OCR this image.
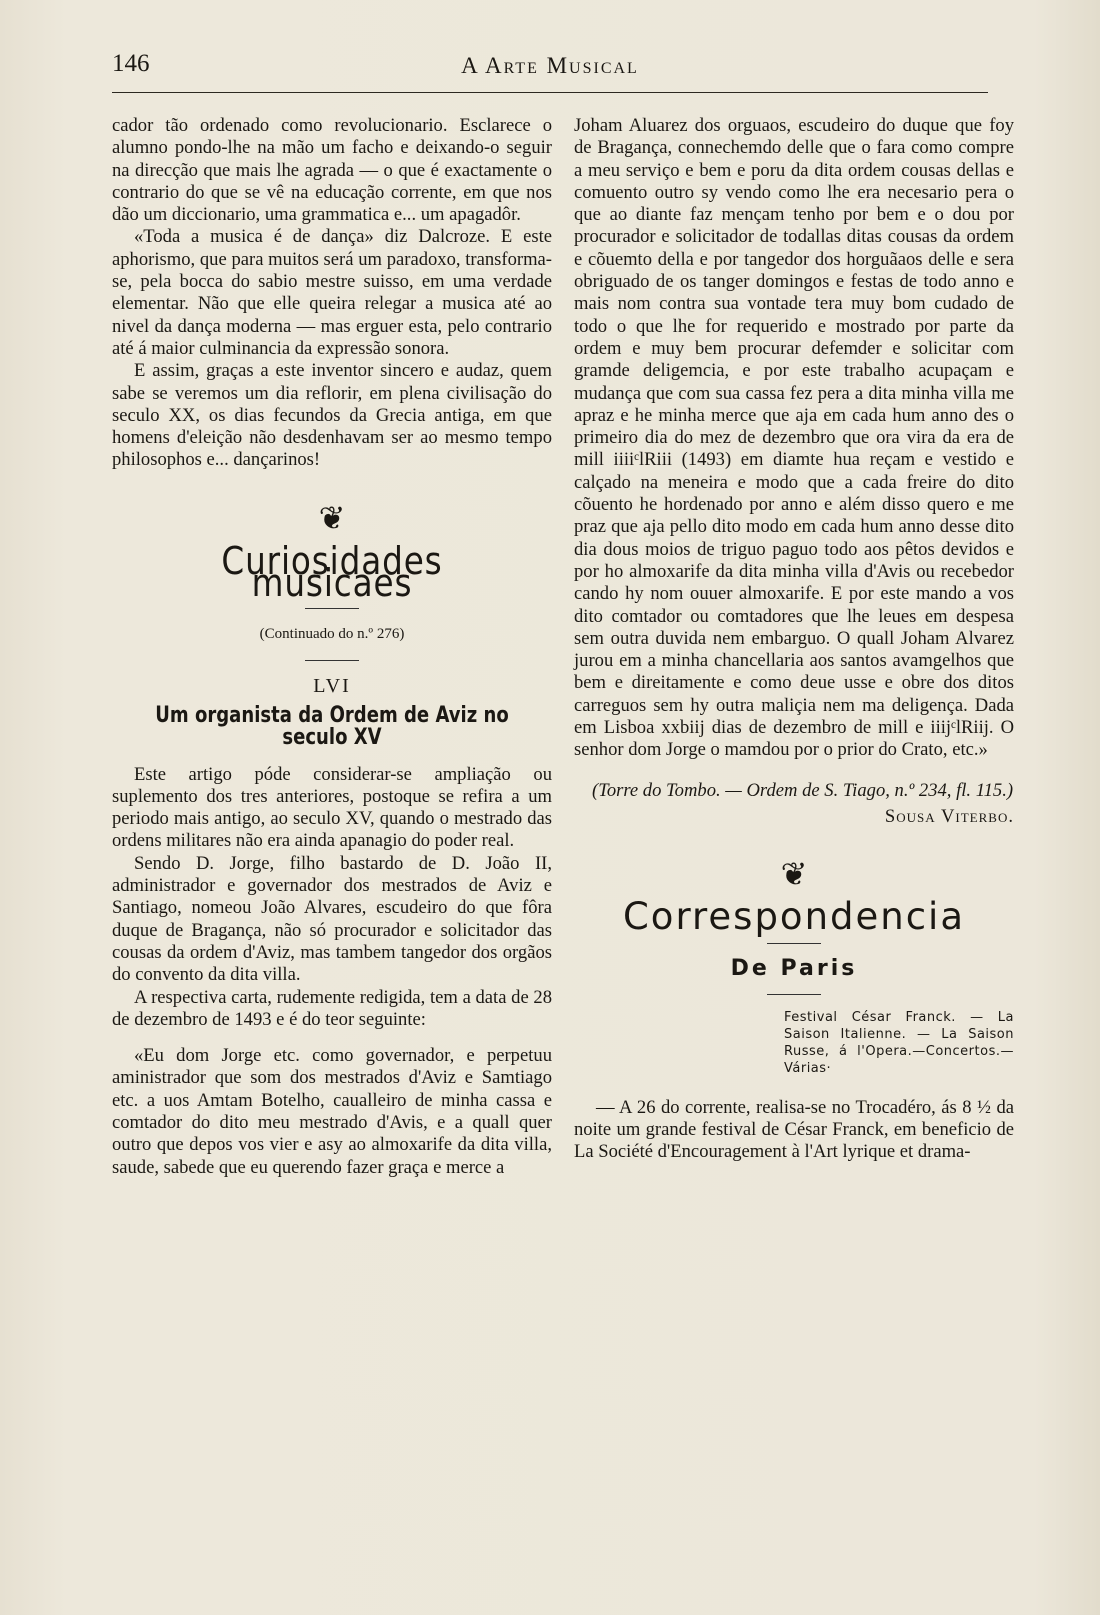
146	A Arte Musical

cador tão ordenado como revolucionario. Esclarece o alumno pondo-lhe na mão um facho e deixando-o seguir na direcção que mais lhe agrada — o que é exactamente o contrario do que se vê na educação corrente, em que nos dão um diccionario, uma grammatica e... um apagadôr.

«Toda a musica é de dança» diz Dalcroze. E este aphorismo, que para muitos será um paradoxo, transforma-se, pela bocca do sabio mestre suisso, em uma verdade elementar. Não que elle queira relegar a musica até ao nivel da dança moderna — mas erguer esta, pelo contrario até á maior culminancia da expressão sonora.

E assim, graças a este inventor sincero e audaz, quem sabe se veremos um dia reflorir, em plena civilisação do seculo XX, os dias fecundos da Grecia antiga, em que homens d'eleição não desdenhavam ser ao mesmo tempo philosophos e... dançarinos!

❦
Curiosidades musicaes
(Continuado do n.º 276)
LVI
Um organista da Ordem de Aviz no seculo XV

Este artigo póde considerar-se ampliação ou suplemento dos tres anteriores, postoque se refira a um periodo mais antigo, ao seculo XV, quando o mestrado das ordens militares não era ainda apanagio do poder real.

Sendo D. Jorge, filho bastardo de D. João II, administrador e governador dos mestrados de Aviz e Santiago, nomeou João Alvares, escudeiro do que fôra duque de Bragança, não só procurador e solicitador das cousas da ordem d'Aviz, mas tambem tangedor dos orgãos do convento da dita villa.

A respectiva carta, rudemente redigida, tem a data de 28 de dezembro de 1493 e é do teor seguinte:

«Eu dom Jorge etc. como governador, e perpetuu aministrador que som dos mestrados d'Aviz e Samtiago etc. a uos Amtam Botelho, caualleiro de minha cassa e comtador do dito meu mestrado d'Avis, e a quall quer outro que depos vos vier e asy ao almoxarife da dita villa, saude, sabede que eu querendo fazer graça e merce a

Joham Aluarez dos orguaos, escudeiro do duque que foy de Bragança, connechemdo delle que o fara como compre a meu serviço e bem e poru da dita ordem cousas dellas e comuento outro sy vendo como lhe era necesario pera o que ao diante faz mençam tenho por bem e o dou por procurador e solicitador de todallas ditas cousas da ordem e cõuemto della e por tangedor dos horguãaos delle e sera obriguado de os tanger domingos e festas de todo anno e mais nom contra sua vontade tera muy bom cudado de todo o que lhe for requerido e mostrado por parte da ordem e muy bem procurar defemder e solicitar com gramde deligemcia, e por este trabalho acupaçam e mudança que com sua cassa fez pera a dita minha villa me apraz e he minha merce que aja em cada hum anno des o primeiro dia do mez de dezembro que ora vira da era de mill iiiiᶜlRiii (1493) em diamte hua reçam e vestido e calçado na meneira e modo que a cada freire do dito cõuento he hordenado por anno e além disso quero e me praz que aja pello dito modo em cada hum anno desse dito dia dous moios de triguo paguo todo aos pêtos devidos e por ho almoxarife da dita minha villa d'Avis ou recebedor cando hy nom ouuer almoxarife. E por este mando a vos dito comtador ou comtadores que lhe leues em despesa sem outra duvida nem embarguo. O quall Joham Alvarez jurou em a minha chancellaria aos santos avamgelhos que bem e direitamente e como deue usse e obre dos ditos carreguos sem hy outra maliçia nem ma deligença. Dada em Lisboa xxbiij dias de dezembro de mill e iiijᶜlRiij. O senhor dom Jorge o mamdou por o prior do Crato, etc.»

(Torre do Tombo. — Ordem de S. Tiago, n.º 234, fl. 115.)

Sousa Viterbo.

❦
Correspondencia
De Paris
Festival César Franck. — La Saison Italienne. — La Saison Russe, á l'Opera.—Concertos.— Várias·

— A 26 do corrente, realisa-se no Trocadéro, ás 8 ½ da noite um grande festival de César Franck, em beneficio de La Société d'Encouragement à l'Art lyrique et drama-
